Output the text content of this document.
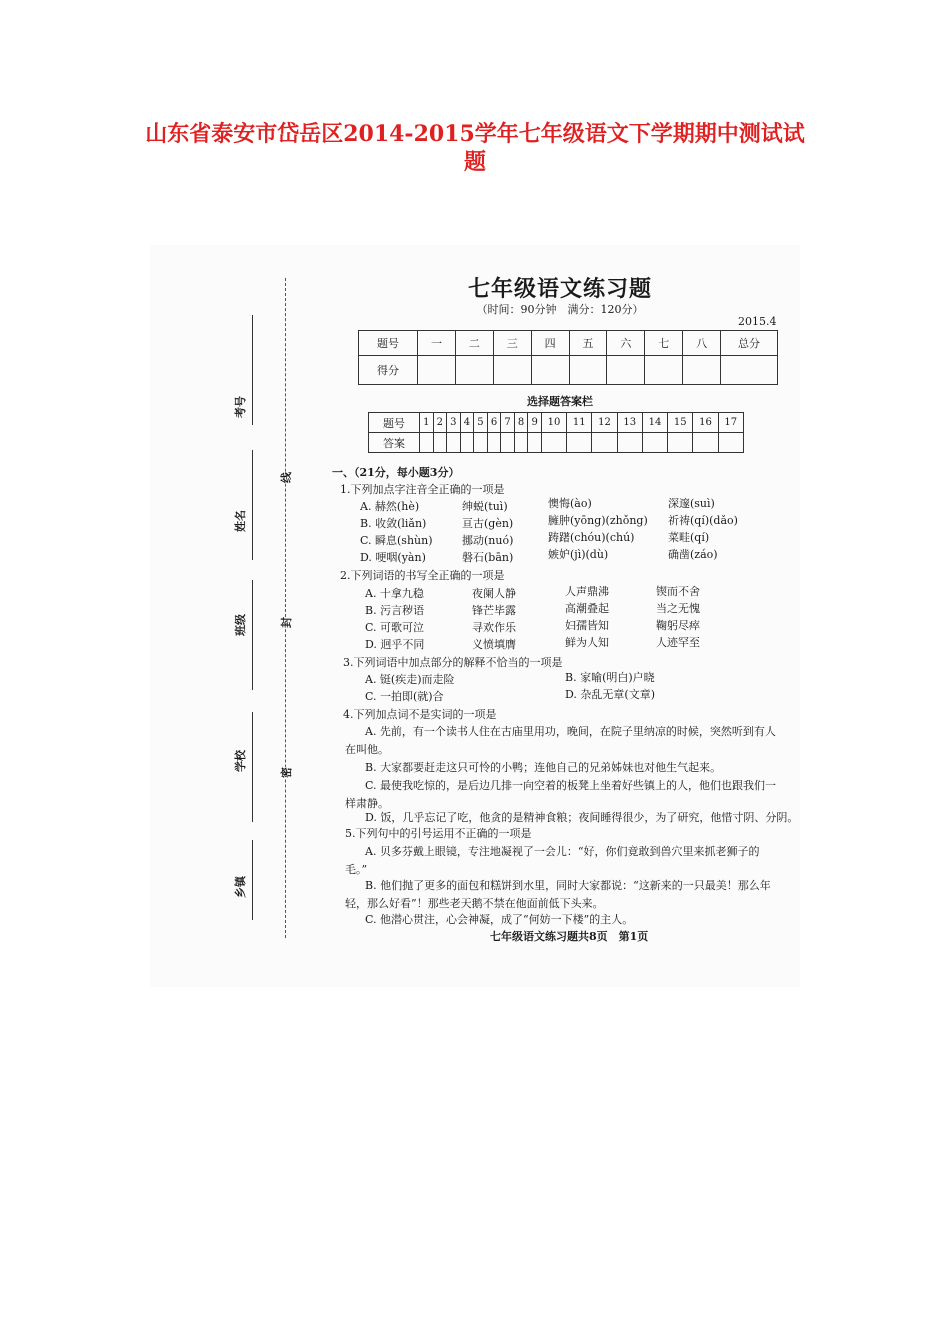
山东省泰安市岱岳区2014-2015学年七年级语文下学期期中测试试
题
考号
姓名
班级
学校
乡镇
线
封
密
七年级语文练习题
（时间：90分钟　满分：120分）
2015.4
题号	一	二	三	四	五	六	七	八	总分
得分									
选择题答案栏
题号	1	2	3	4	5	6	7	8	9	10	11	12	13	14	15	16	17
答案																	
一、（21分，每小题3分）
1.下列加点字注音全正确的一项是
A. 赫然(hè)	绅蜕(tuì)	懊悔(ào)	深邃(suì)
B. 收敛(liǎn)	亘古(gèn)	臃肿(yōng)(zhǒng) 祈祷(qí)(dǎo)
C. 瞬息(shùn)	挪动(nuó)	踌躇(chóu)(chú)	菜畦(qí)
D. 哽咽(yàn)	磐石(bān)	嫉妒(jì)(dù)	确凿(záo)
2.下列词语的书写全正确的一项是
A. 十拿九稳	夜阑人静	人声鼎沸	锲而不舍
B. 污言秽语	锋芒毕露	高潮叠起	当之无愧
C. 可歌可泣	寻欢作乐	妇孺皆知	鞠躬尽瘁
D. 迥乎不同	义愤填膺	鲜为人知	人迹罕至
3.下列词语中加点部分的解释不恰当的一项是
A. 铤(疾走)而走险	B. 家喻(明白)户晓
C. 一拍即(就)合	D. 杂乱无章(文章)
4.下列加点词不是实词的一项是
A. 先前，有一个读书人住在古庙里用功，晚间，在院子里纳凉的时候，突然听到有人
在叫他。
B. 大家都要赶走这只可怜的小鸭；连他自己的兄弟姊妹也对他生气起来。
C. 最使我吃惊的，是后边几排一向空着的板凳上坐着好些镇上的人，他们也跟我们一
样肃静。
D. 饭，几乎忘记了吃，他贪的是精神食粮；夜间睡得很少，为了研究，他惜寸阴、分阴。
5.下列句中的引号运用不正确的一项是
A. 贝多芬戴上眼镜，专注地凝视了一会儿：“好，你们竟敢到兽穴里来抓老狮子的
毛。”
B. 他们抛了更多的面包和糕饼到水里，同时大家都说：“这新来的一只最美！那么年
轻，那么好看”！那些老天鹅不禁在他面前低下头来。
C. 他潜心贯注，心会神凝，成了“何妨一下楼”的主人。
七年级语文练习题共8页　第1页
